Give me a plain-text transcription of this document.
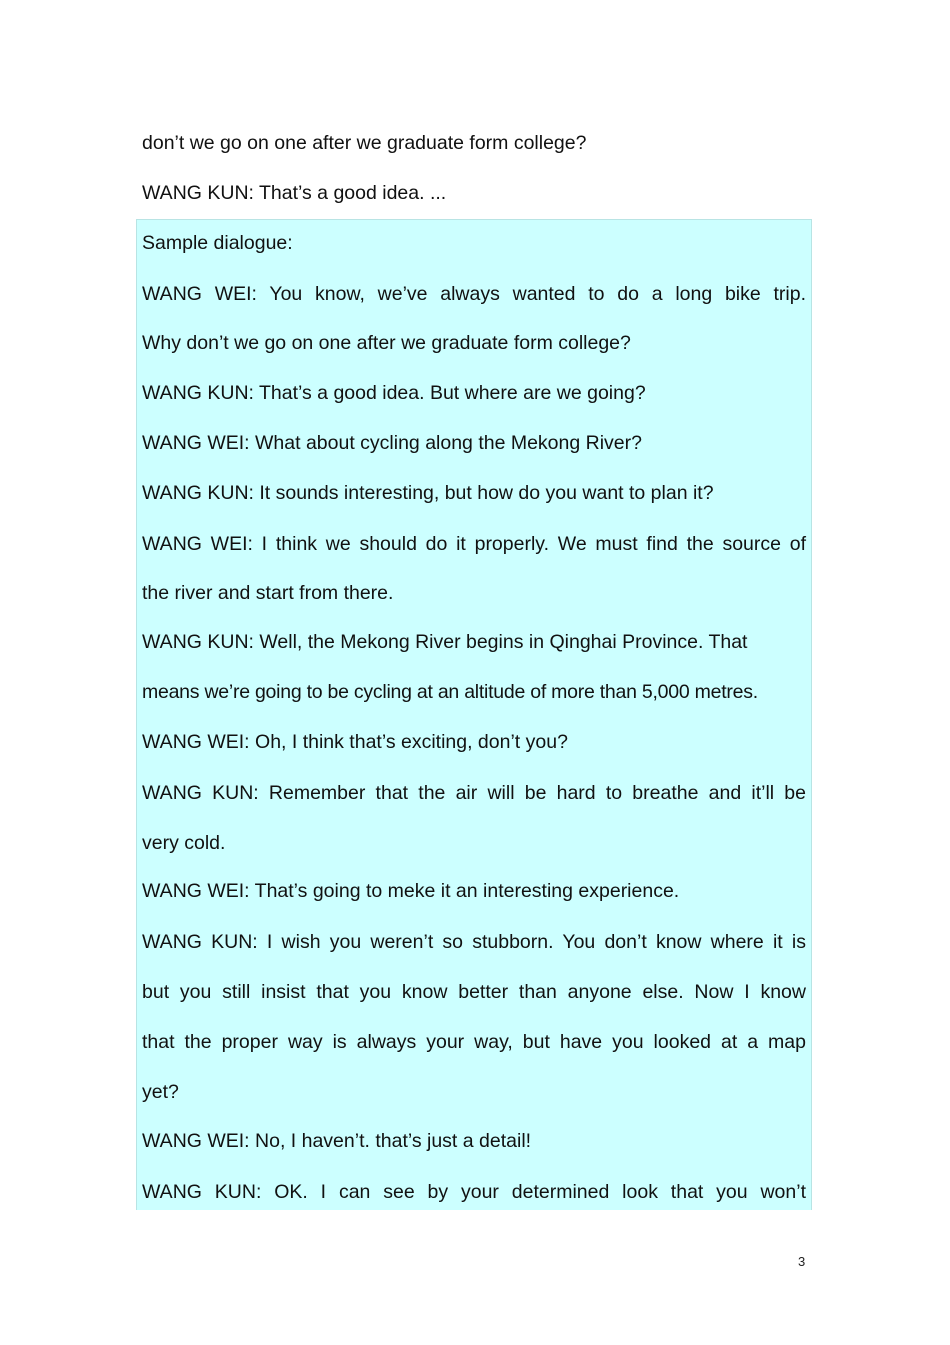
don’t we go on one after we graduate form college?
WANG KUN: That’s a good idea. ...
Sample dialogue:
WANG WEI: You know, we’ve always wanted to do a long bike trip.
Why don’t we go on one after we graduate form college?
WANG KUN: That’s a good idea. But where are we going?
WANG WEI: What about cycling along the Mekong River?
WANG KUN: It sounds interesting, but how do you want to plan it?
WANG WEI: I think we should do it properly. We must find the source of
the river and start from there.
WANG KUN: Well, the Mekong River begins in Qinghai Province. That
means we’re going to be cycling at an altitude of more than 5,000 metres.
WANG WEI: Oh, I think that’s exciting, don’t you?
WANG KUN: Remember that the air will be hard to breathe and it’ll be
very cold.
WANG WEI: That’s going to meke it an interesting experience.
WANG KUN: I wish you weren’t so stubborn. You don’t know where it is
but you still insist that you know better than anyone else. Now I know
that the proper way is always your way, but have you looked at a map
yet?
WANG WEI: No, I haven’t. that’s just a detail!
WANG KUN: OK. I can see by your determined look that you won’t
3
